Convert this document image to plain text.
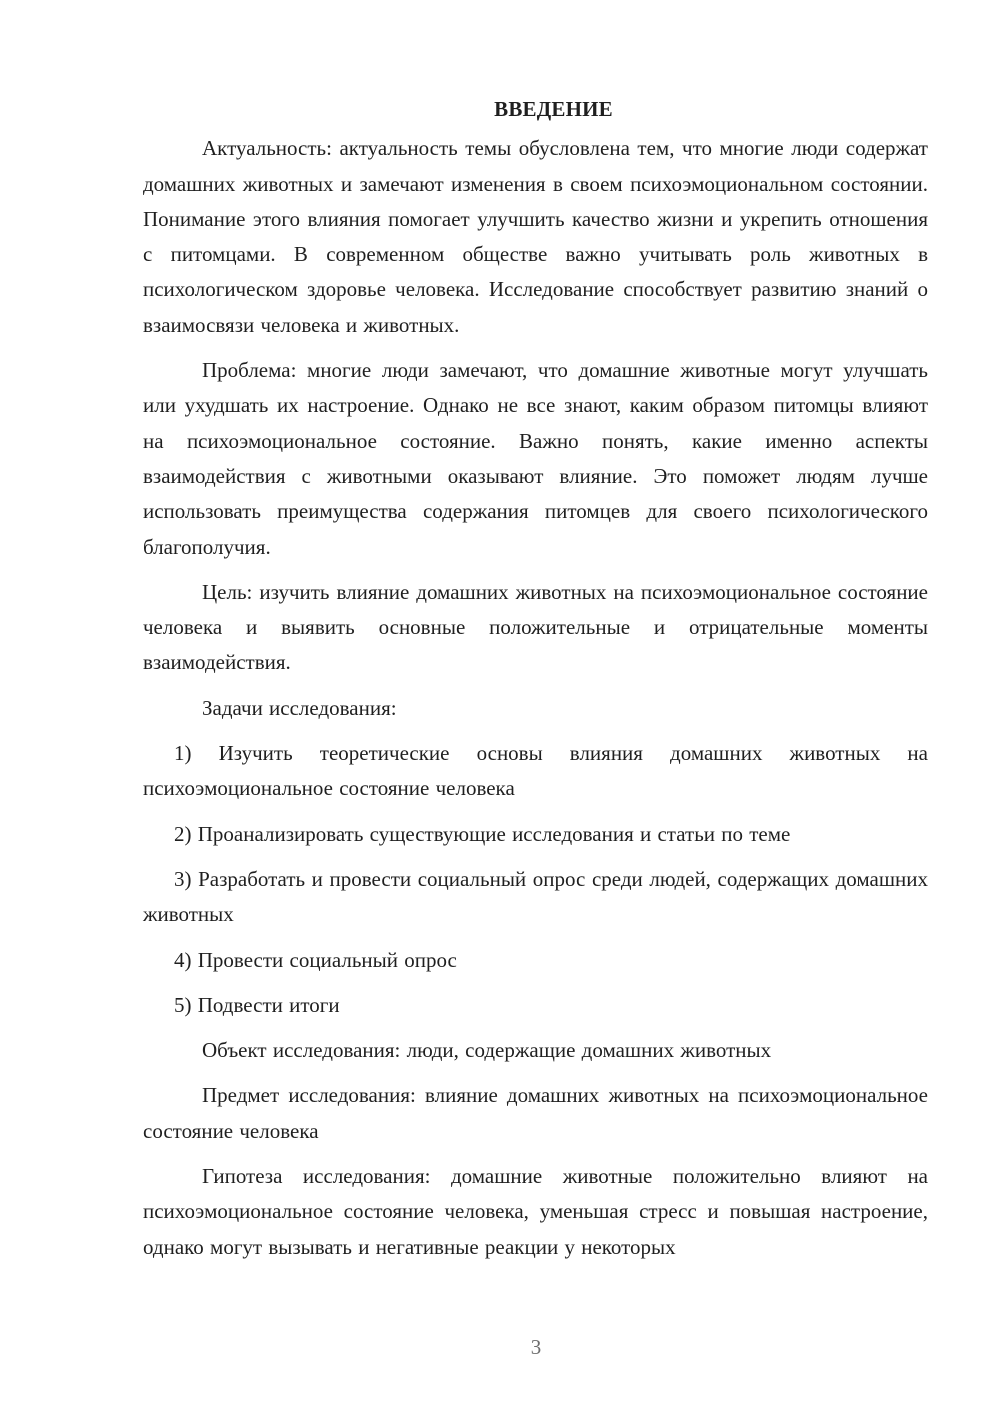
ВВЕДЕНИЕ

Актуальность: актуальность темы обусловлена тем, что многие люди содержат домашних животных и замечают изменения в своем психоэмоциональном состоянии. Понимание этого влияния помогает улучшить качество жизни и укрепить отношения с питомцами. В современном обществе важно учитывать роль животных в психологическом здоровье человека. Исследование способствует развитию знаний о взаимосвязи человека и животных.

Проблема: многие люди замечают, что домашние животные могут улучшать или ухудшать их настроение. Однако не все знают, каким образом питомцы влияют на психоэмоциональное состояние. Важно понять, какие именно аспекты взаимодействия с животными оказывают влияние. Это поможет людям лучше использовать преимущества содержания питомцев для своего психологического благополучия.

Цель: изучить влияние домашних животных на психоэмоциональное состояние человека и выявить основные положительные и отрицательные моменты взаимодействия.

Задачи исследования:

1) Изучить теоретические основы влияния домашних животных на психоэмоциональное состояние человека

2) Проанализировать существующие исследования и статьи по теме

3) Разработать и провести социальный опрос среди людей, содержащих домашних животных

4) Провести социальный опрос

5) Подвести итоги

Объект исследования: люди, содержащие домашних животных

Предмет исследования: влияние домашних животных на психоэмоциональное состояние человека

Гипотеза исследования: домашние животные положительно влияют на психоэмоциональное состояние человека, уменьшая стресс и повышая настроение, однако могут вызывать и негативные реакции у некоторых

3
